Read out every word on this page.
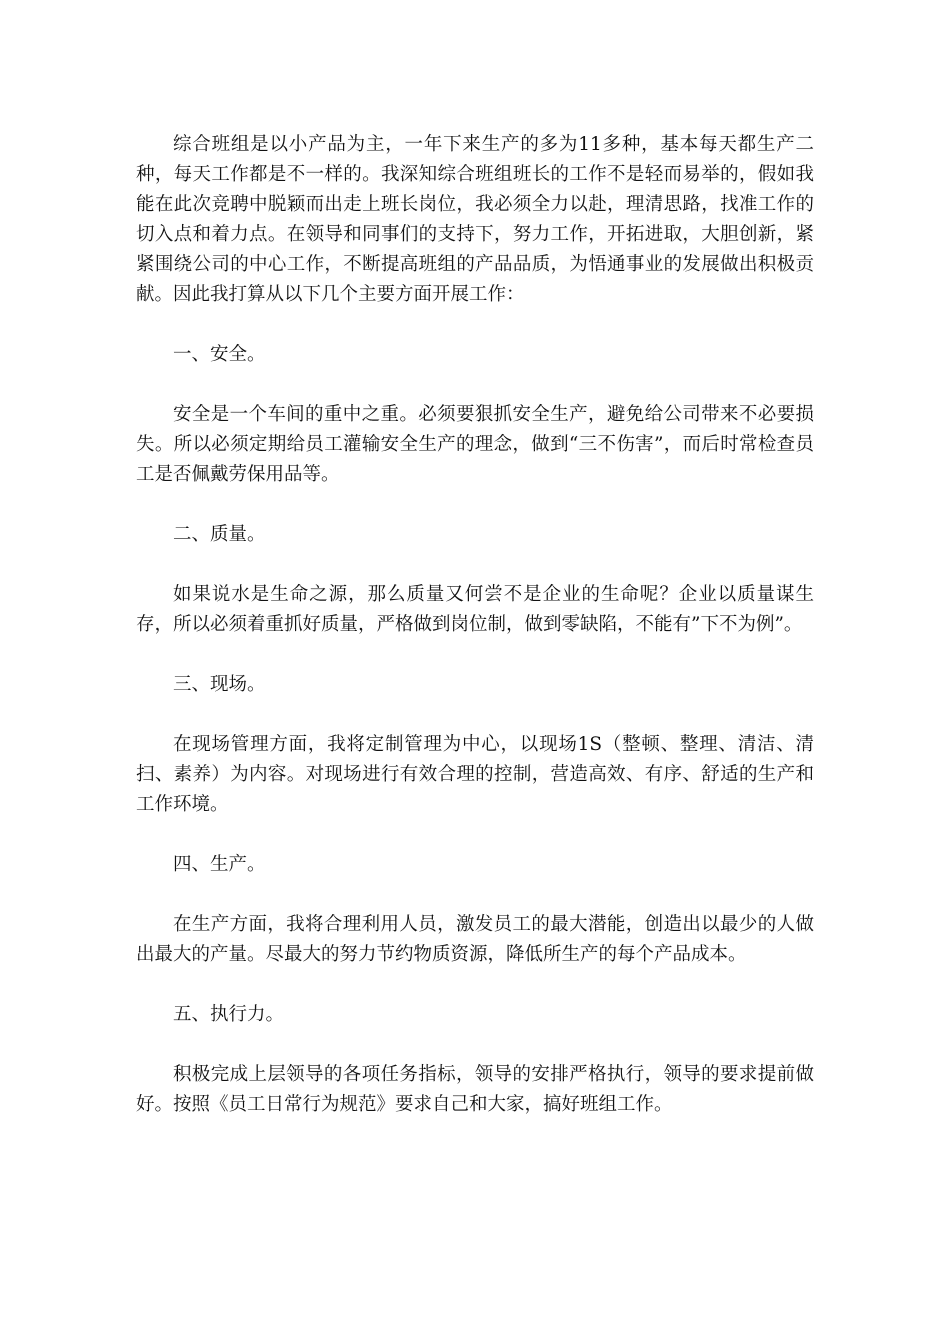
综合班组是以小产品为主，一年下来生产的多为11多种，基本每天都生产二种，每天工作都是不一样的。我深知综合班组班长的工作不是轻而易举的，假如我能在此次竞聘中脱颖而出走上班长岗位，我必须全力以赴，理清思路，找准工作的切入点和着力点。在领导和同事们的支持下，努力工作，开拓进取，大胆创新，紧紧围绕公司的中心工作，不断提高班组的产品品质，为悟通事业的发展做出积极贡献。因此我打算从以下几个主要方面开展工作：

一、安全。

安全是一个车间的重中之重。必须要狠抓安全生产，避免给公司带来不必要损失。所以必须定期给员工灌输安全生产的理念，做到“三不伤害”，而后时常检查员工是否佩戴劳保用品等。

二、质量。

如果说水是生命之源，那么质量又何尝不是企业的生命呢？企业以质量谋生存，所以必须着重抓好质量，严格做到岗位制，做到零缺陷，不能有”下不为例”。

三、现场。

在现场管理方面，我将定制管理为中心，以现场1S（整顿、整理、清洁、清扫、素养）为内容。对现场进行有效合理的控制，营造高效、有序、舒适的生产和工作环境。

四、生产。

在生产方面，我将合理利用人员，激发员工的最大潜能，创造出以最少的人做出最大的产量。尽最大的努力节约物质资源，降低所生产的每个产品成本。

五、执行力。

积极完成上层领导的各项任务指标，领导的安排严格执行，领导的要求提前做好。按照《员工日常行为规范》要求自己和大家，搞好班组工作。
